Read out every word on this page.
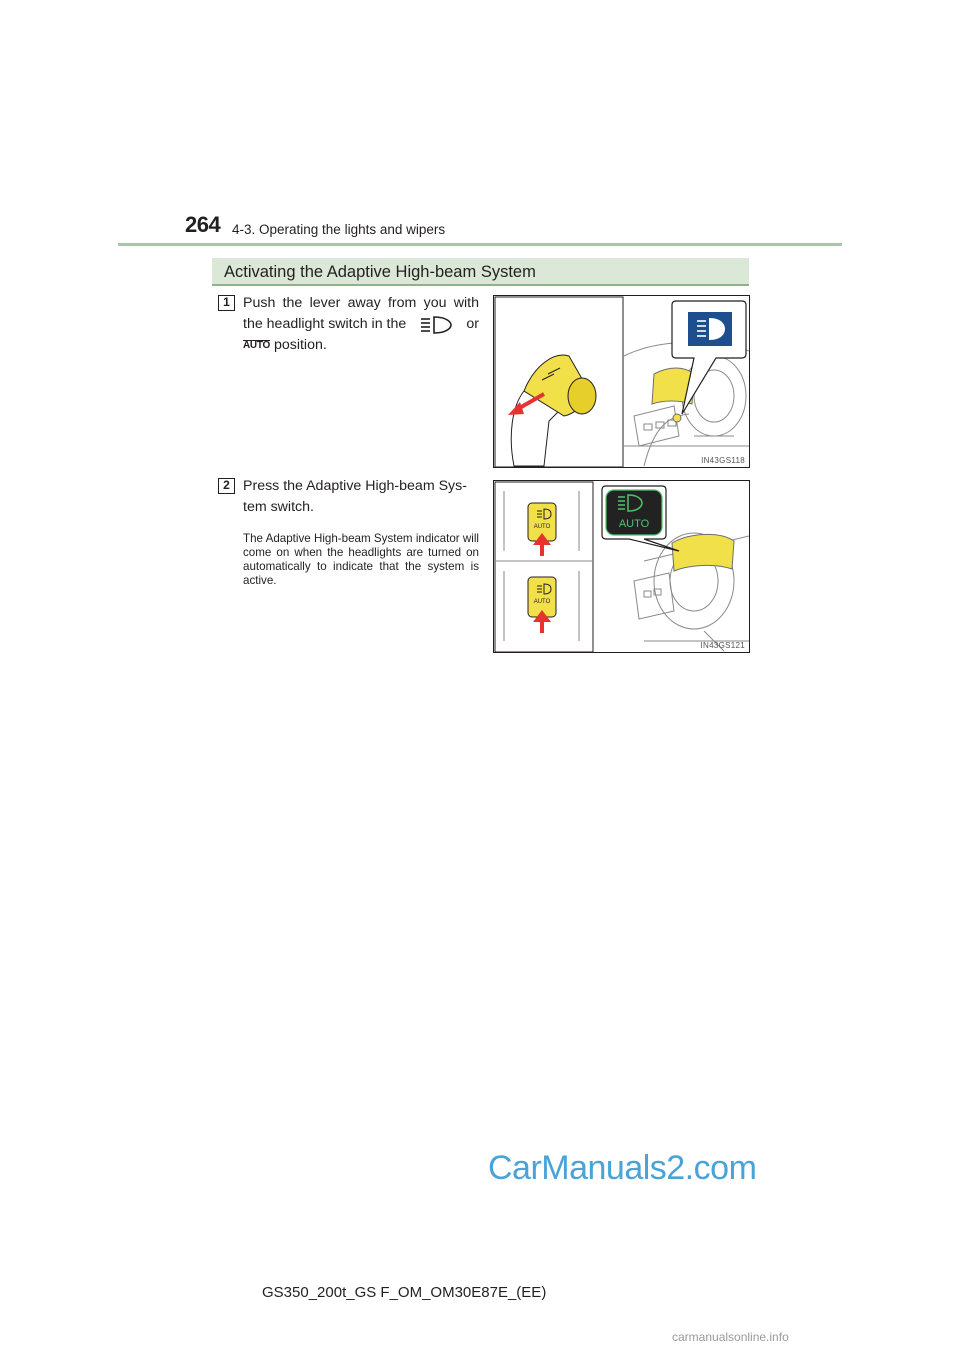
264 4-3. Operating the lights and wipers
Activating the Adaptive High-beam System
1 Push the lever away from you with
the headlight switch in the	or
AUTO position.
IN43GS118
2 Press the Adaptive High-beam Sys-
tem switch.
The Adaptive High-beam System indicator will come on when the headlights are turned on automatically to indicate that the system is active.
AUTO
AUTO
AUTO
IN43GS121
CarManuals2.com
GS350_200t_GS F_OM_OM30E87E_(EE)
carmanualsonline.info
